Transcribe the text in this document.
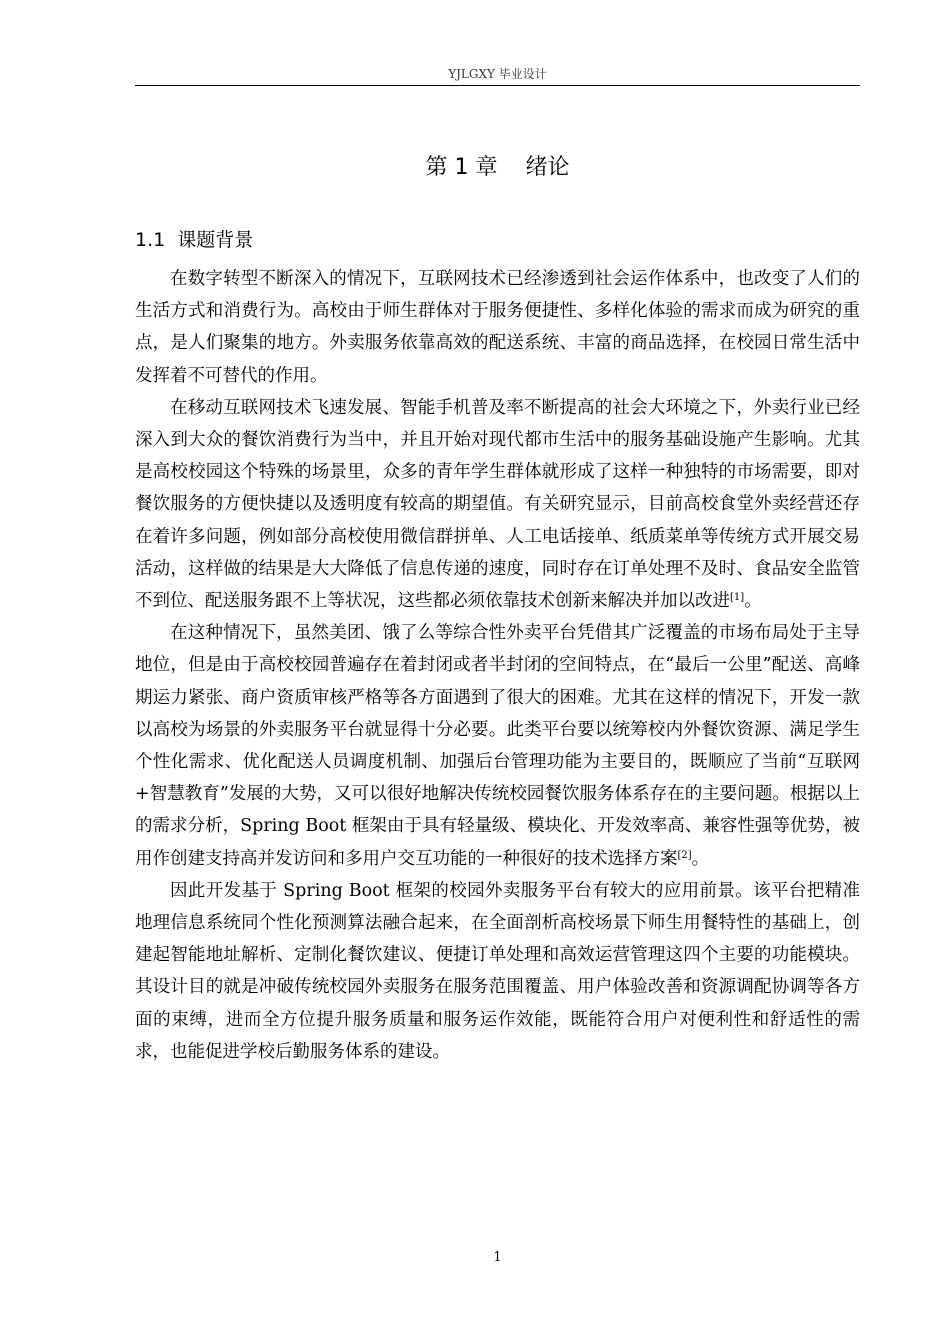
YJLGXY 毕业设计
第 1 章    绪论
1.1  课题背景

在数字转型不断深入的情况下，互联网技术已经渗透到社会运作体系中，也改变了人们的生活方式和消费行为。高校由于师生群体对于服务便捷性、多样化体验的需求而成为研究的重点，是人们聚集的地方。外卖服务依靠高效的配送系统、丰富的商品选择，在校园日常生活中发挥着不可替代的作用。

在移动互联网技术飞速发展、智能手机普及率不断提高的社会大环境之下，外卖行业已经深入到大众的餐饮消费行为当中，并且开始对现代都市生活中的服务基础设施产生影响。尤其是高校校园这个特殊的场景里，众多的青年学生群体就形成了这样一种独特的市场需要，即对餐饮服务的方便快捷以及透明度有较高的期望值。有关研究显示，目前高校食堂外卖经营还存在着许多问题，例如部分高校使用微信群拼单、人工电话接单、纸质菜单等传统方式开展交易活动，这样做的结果是大大降低了信息传递的速度，同时存在订单处理不及时、食品安全监管不到位、配送服务跟不上等状况，这些都必须依靠技术创新来解决并加以改进[1]。

在这种情况下，虽然美团、饿了么等综合性外卖平台凭借其广泛覆盖的市场布局处于主导地位，但是由于高校校园普遍存在着封闭或者半封闭的空间特点，在“最后一公里”配送、高峰期运力紧张、商户资质审核严格等各方面遇到了很大的困难。尤其在这样的情况下，开发一款以高校为场景的外卖服务平台就显得十分必要。此类平台要以统筹校内外餐饮资源、满足学生个性化需求、优化配送人员调度机制、加强后台管理功能为主要目的，既顺应了当前“互联网+智慧教育”发展的大势，又可以很好地解决传统校园餐饮服务体系存在的主要问题。根据以上的需求分析，Spring Boot 框架由于具有轻量级、模块化、开发效率高、兼容性强等优势，被用作创建支持高并发访问和多用户交互功能的一种很好的技术选择方案[2]。

因此开发基于 Spring Boot 框架的校园外卖服务平台有较大的应用前景。该平台把精准地理信息系统同个性化预测算法融合起来，在全面剖析高校场景下师生用餐特性的基础上，创建起智能地址解析、定制化餐饮建议、便捷订单处理和高效运营管理这四个主要的功能模块。其设计目的就是冲破传统校园外卖服务在服务范围覆盖、用户体验改善和资源调配协调等各方面的束缚，进而全方位提升服务质量和服务运作效能，既能符合用户对便利性和舒适性的需求，也能促进学校后勤服务体系的建设。

1
